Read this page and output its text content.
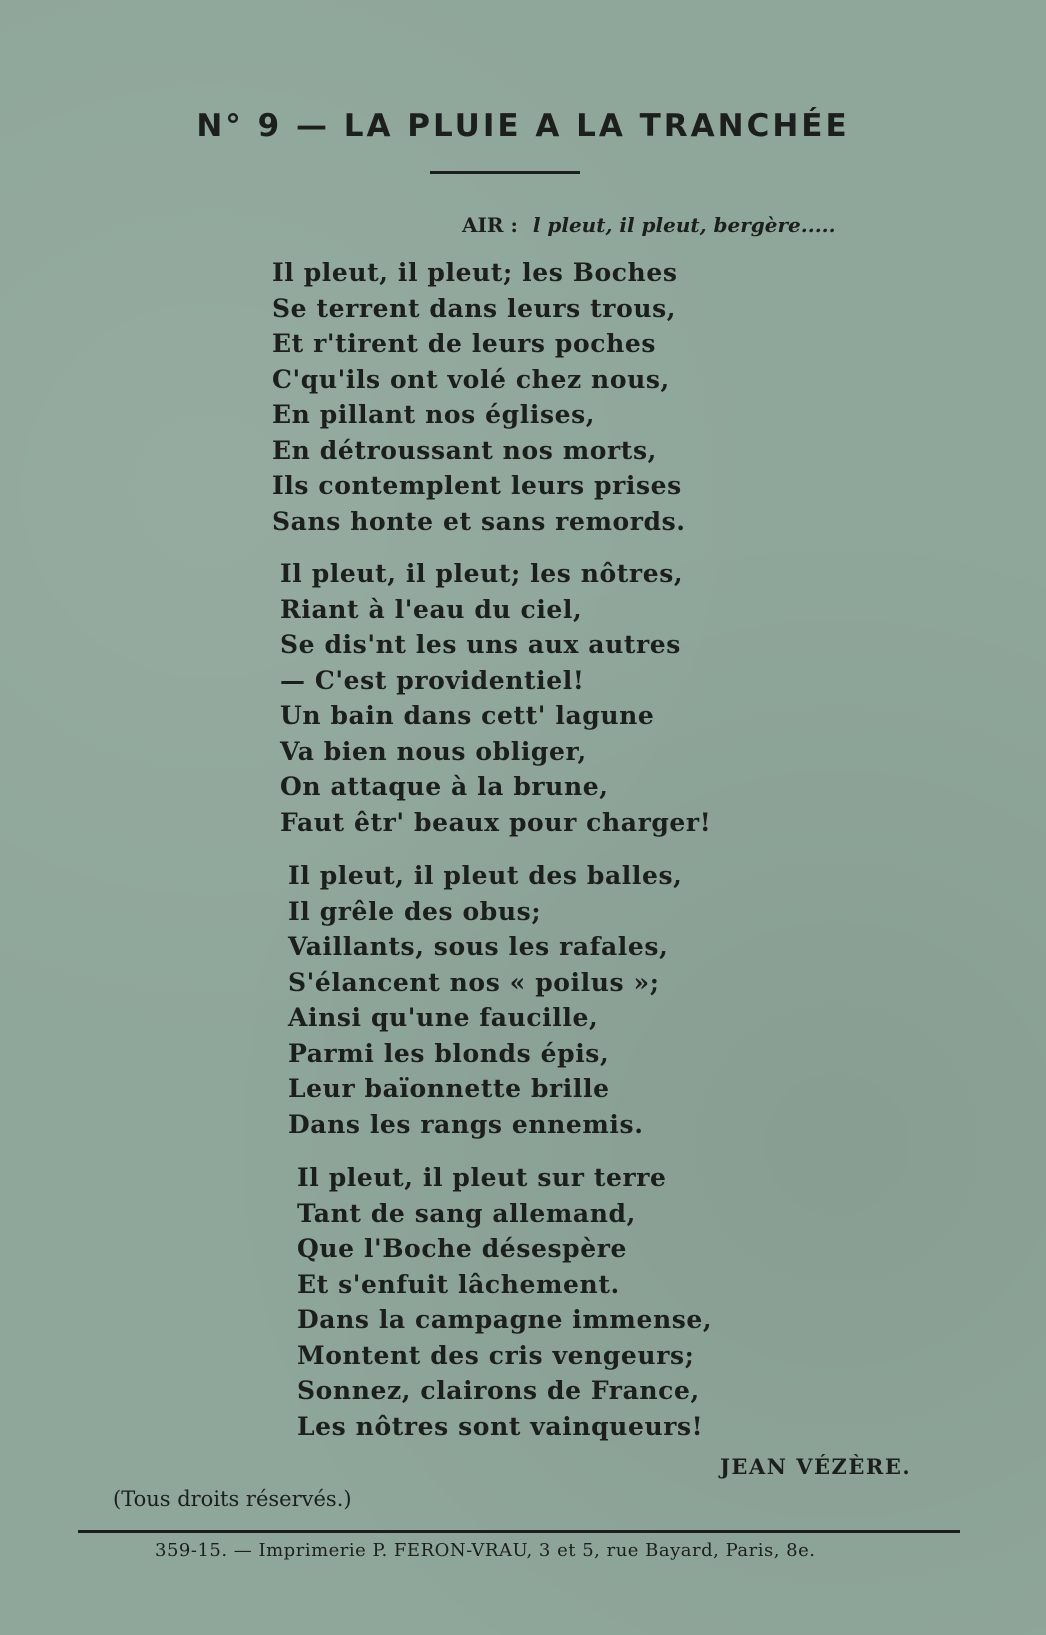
N° 9 — LA PLUIE A LA TRANCHÉE
AIR : l pleut, il pleut, bergère.....
Il pleut, il pleut; les Boches
Se terrent dans leurs trous,
Et r'tirent de leurs poches
C'qu'ils ont volé chez nous,
En pillant nos églises,
En détroussant nos morts,
Ils contemplent leurs prises
Sans honte et sans remords.
Il pleut, il pleut; les nôtres,
Riant à l'eau du ciel,
Se dis'nt les uns aux autres
— C'est providentiel!
Un bain dans cett' lagune
Va bien nous obliger,
On attaque à la brune,
Faut êtr' beaux pour charger!
Il pleut, il pleut des balles,
Il grêle des obus;
Vaillants, sous les rafales,
S'élancent nos « poilus »;
Ainsi qu'une faucille,
Parmi les blonds épis,
Leur baïonnette brille
Dans les rangs ennemis.
Il pleut, il pleut sur terre
Tant de sang allemand,
Que l'Boche désespère
Et s'enfuit lâchement.
Dans la campagne immense,
Montent des cris vengeurs;
Sonnez, clairons de France,
Les nôtres sont vainqueurs!
JEAN VÉZÈRE.
(Tous droits réservés.)
359-15. — Imprimerie P. FERON-VRAU, 3 et 5, rue Bayard, Paris, 8e.
